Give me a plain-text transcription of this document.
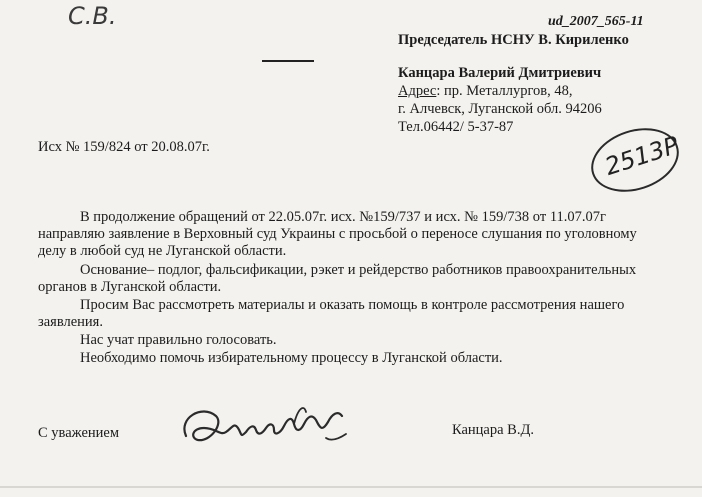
С.В.	ud_2007_565-11
Председатель НСНУ В. Кириленко
Канцара Валерий Дмитриевич
Адрес: пр. Металлургов, 48,
г. Алчевск, Луганской обл. 94206
Тел.06442/ 5-37-87
2513Р
Исх № 159/824 от 20.08.07г.
В продолжение обращений от 22.05.07г. исх. №159/737 и исх. № 159/738 от 11.07.07г
направляю заявление в Верховный суд Украины с просьбой о переносе слушания по уголовному
делу в любой суд не Луганской области.
Основание– подлог, фальсификации, рэкет и рейдерство работников правоохранительных
органов в Луганской области.
Просим Вас рассмотреть материалы и оказать помощь в контроле рассмотрения нашего
заявления.
Нас учат правильно голосовать.
Необходимо помочь избирательному процессу в Луганской области.
С уважением	Канцара В.Д.
